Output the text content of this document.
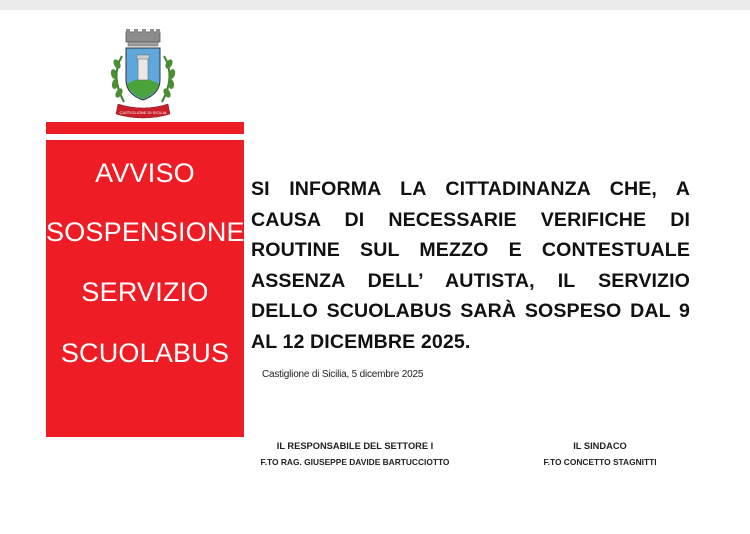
CASTIGLIONE DI SICILIA
AVVISO
SOSPENSIONE
SERVIZIO
SCUOLABUS
SI INFORMA LA CITTADINANZA CHE, A CAUSA DI NECESSARIE VERIFICHE DI ROUTINE SUL MEZZO E CONTESTUALE ASSENZA DELL’ AUTISTA, IL SERVIZIO DELLO SCUOLABUS SARÀ SOSPESO DAL 9 AL 12 DICEMBRE 2025.
Castiglione di Sicilia, 5 dicembre 2025
IL RESPONSABILE DEL SETTORE I
F.TO RAG. GIUSEPPE DAVIDE BARTUCCIOTTO
IL SINDACO
F.TO CONCETTO STAGNITTI
